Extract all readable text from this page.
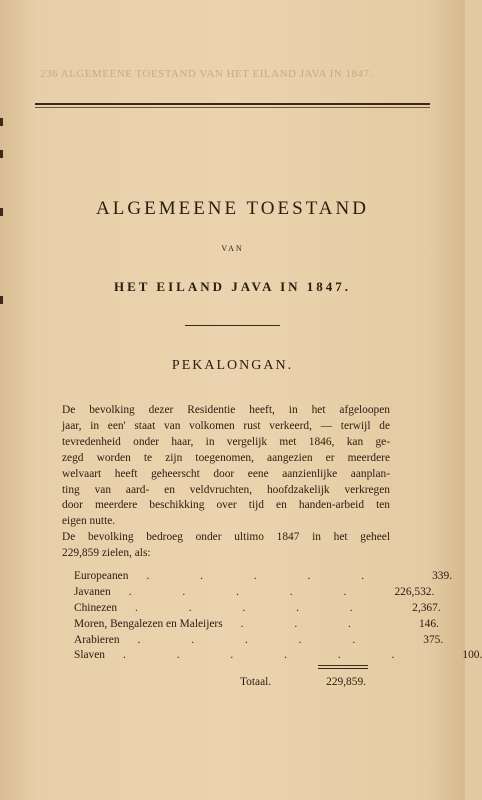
236 ALGEMEENE TOESTAND VAN HET EILAND JAVA IN 1847.
ALGEMEENE TOESTAND
VAN
HET EILAND JAVA IN 1847.
PEKALONGAN.

De bevolking dezer Residentie heeft, in het afgeloopen
jaar, in een' staat van volkomen rust verkeerd, — terwijl de
tevredenheid onder haar, in vergelijk met 1846, kan ge-
zegd worden te zijn toegenomen, aangezien er meerdere
welvaart heeft geheerscht door eene aanzienlijke aanplan-
ting van aard- en veldvruchten, hoofdzakelijk verkregen
door meerdere beschikking over tijd en handen-arbeid ten
eigen nutte.

De bevolking bedroeg onder ultimo 1847 in het geheel
229,859 zielen, als:

Europeanen	. . . . .	339.
Javanen	. . . . .	226,532.
Chinezen	. . . . .	2,367.
Moren, Bengalezen en Maleijers	. . .	146.
Arabieren	. . . . .	375.
Slaven	. . . . . .	100.
Totaal.	229,859.
